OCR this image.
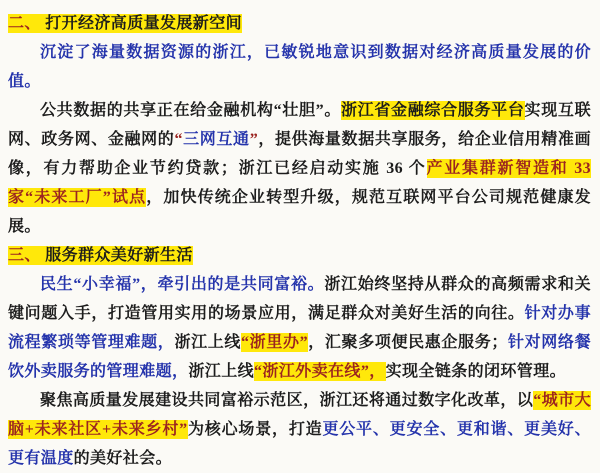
二、 打开经济高质量发展新空间

沉淀了海量数据资源的浙江，已敏锐地意识到数据对经济高质量发展的价值。

公共数据的共享正在给金融机构“壮胆”。浙江省金融综合服务平台实现互联网、政务网、金融网的“三网互通”，提供海量数据共享服务，给企业信用精准画像，有力帮助企业节约贷款；浙江已经启动实施 36 个产业集群新智造和 33 家“未来工厂”试点，加快传统企业转型升级，规范互联网平台公司规范健康发展。

三、 服务群众美好新生活

民生“小幸福”，牵引出的是共同富裕。浙江始终坚持从群众的高频需求和关键问题入手，打造管用实用的场景应用，满足群众对美好生活的向往。针对办事流程繁琐等管理难题，浙江上线“浙里办”，汇聚多项便民惠企服务；针对网络餐饮外卖服务的管理难题，浙江上线“浙江外卖在线”，实现全链条的闭环管理。

聚焦高质量发展建设共同富裕示范区，浙江还将通过数字化改革，以“城市大脑+未来社区+未来乡村”为核心场景，打造更公平、更安全、更和谐、更美好、更有温度的美好社会。
